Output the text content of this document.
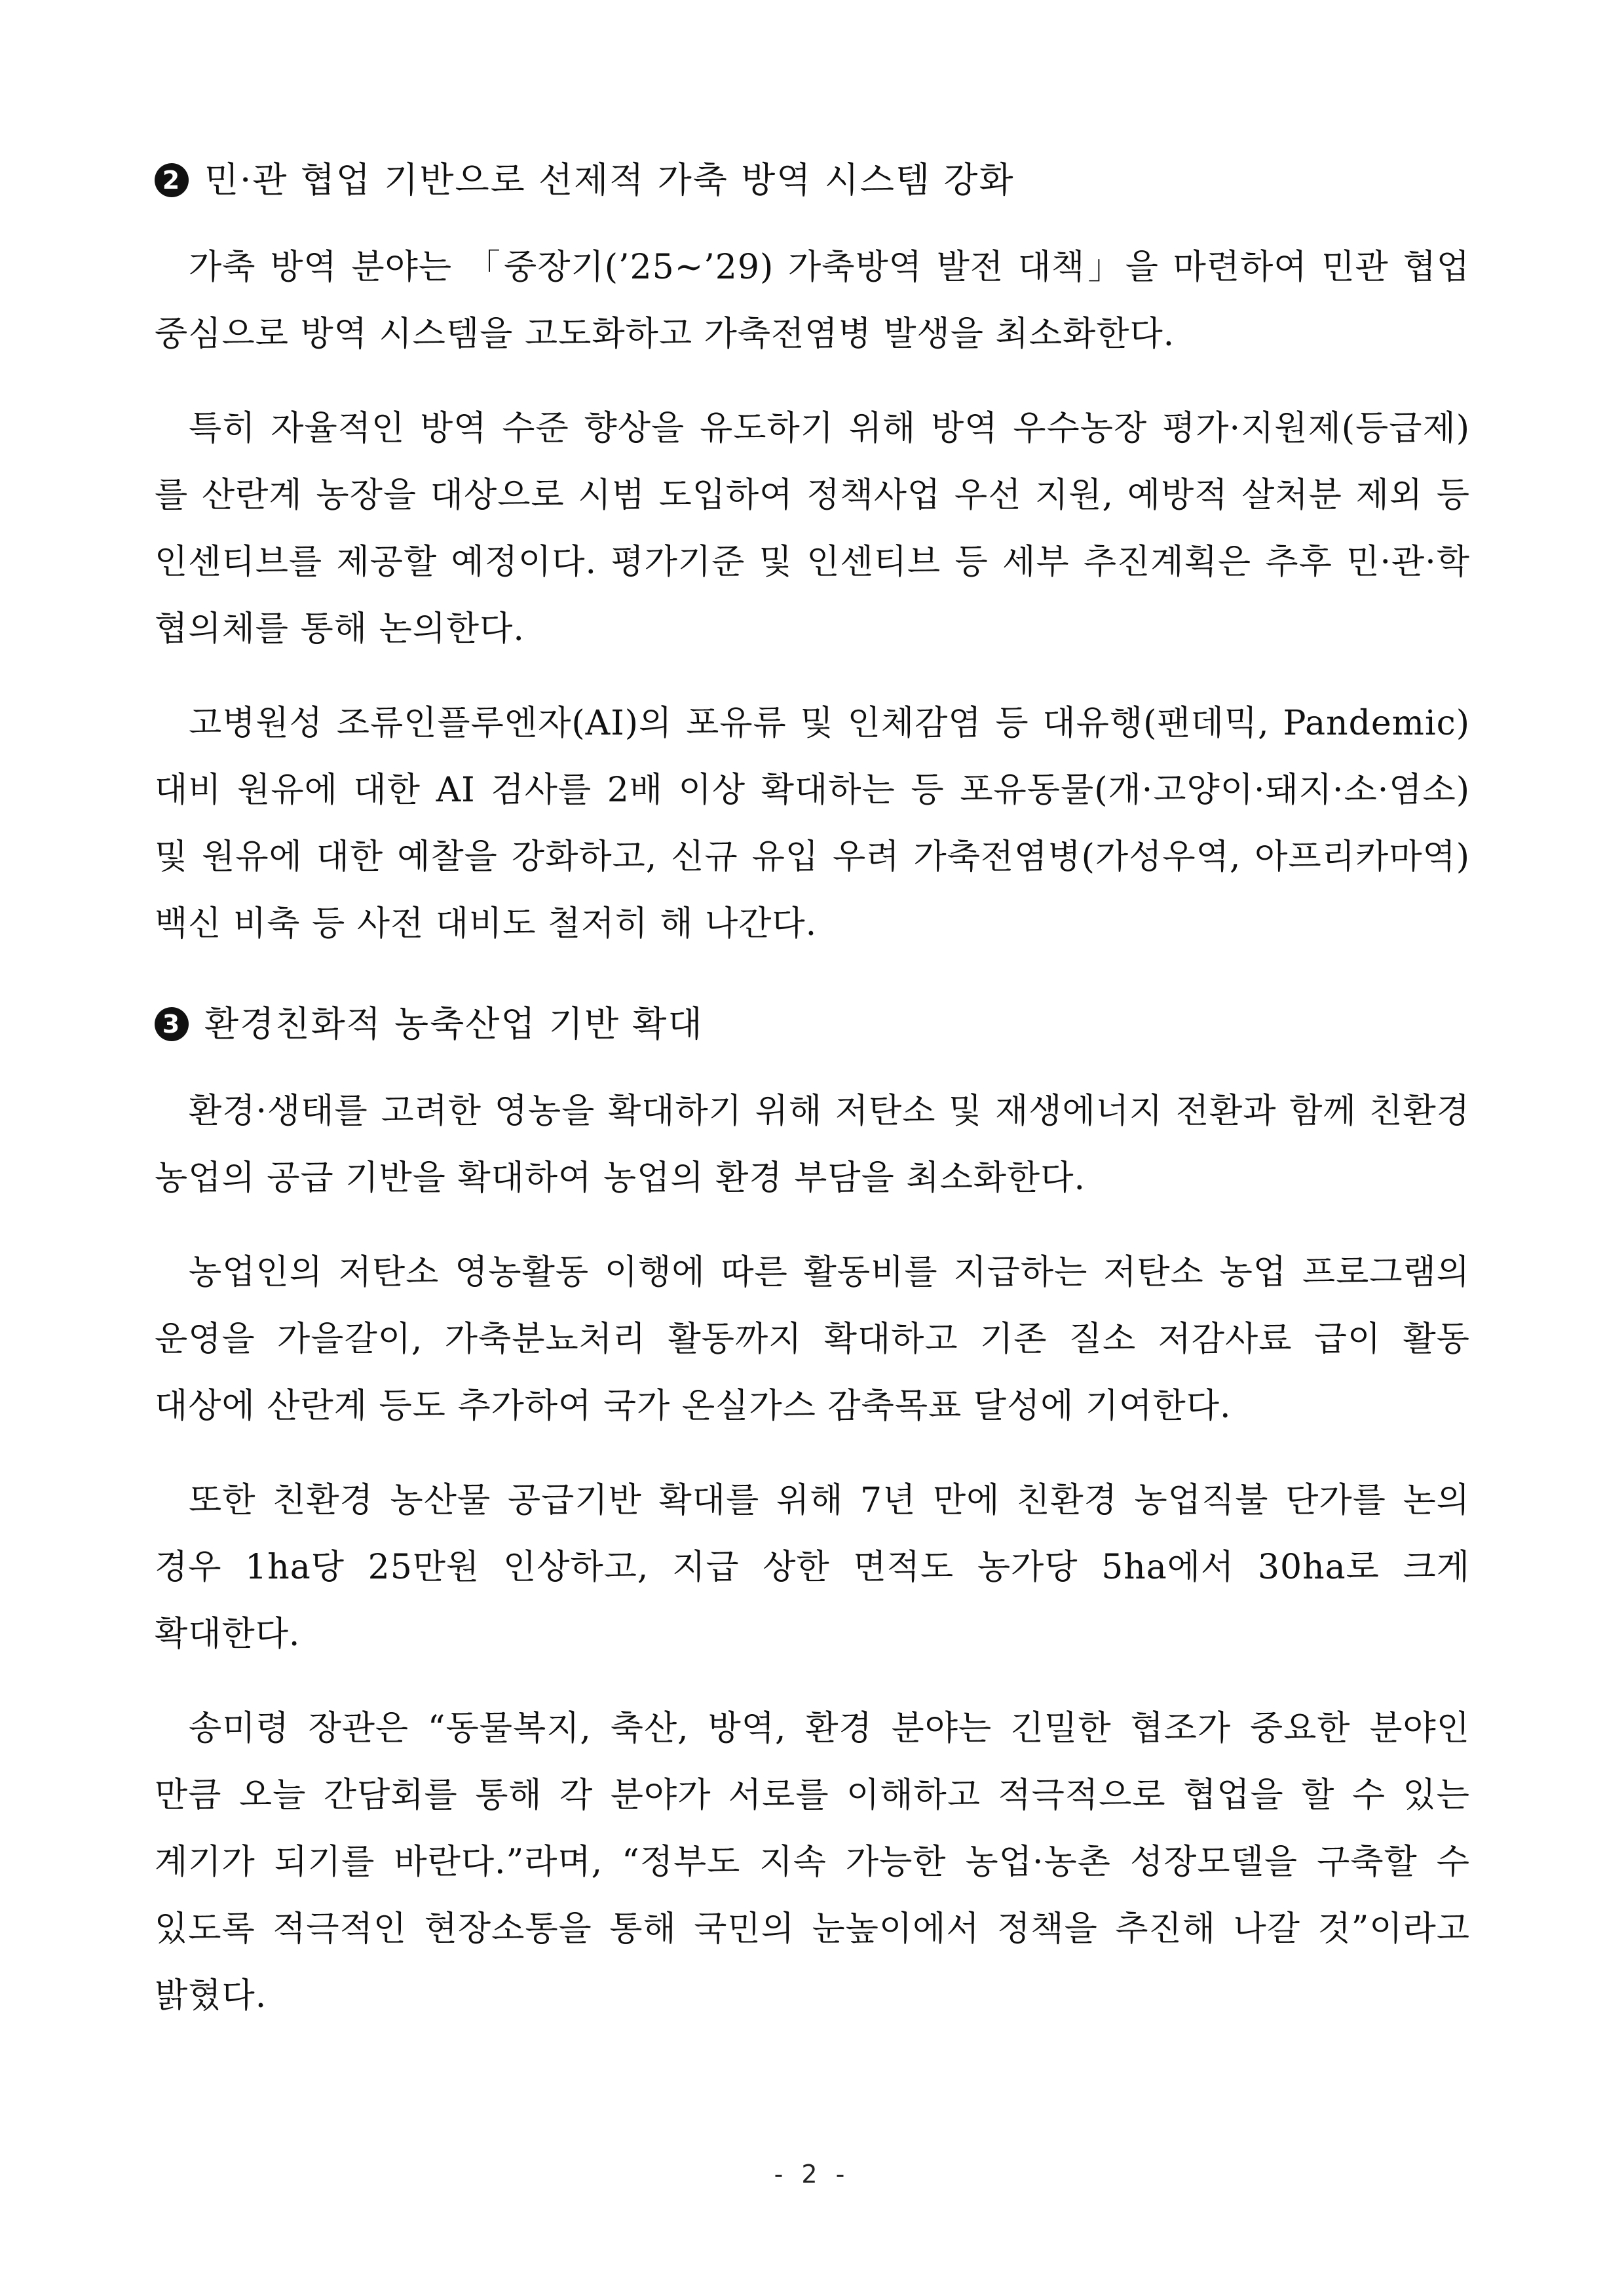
2 민·관 협업 기반으로 선제적 가축 방역 시스템 강화

가축 방역 분야는 「중장기(’25~’29) 가축방역 발전 대책」을 마련하여 민관 협업 중심으로 방역 시스템을 고도화하고 가축전염병 발생을 최소화한다.

특히 자율적인 방역 수준 향상을 유도하기 위해 방역 우수농장 평가·지원제(등급제)를 산란계 농장을 대상으로 시범 도입하여 정책사업 우선 지원, 예방적 살처분 제외 등 인센티브를 제공할 예정이다. 평가기준 및 인센티브 등 세부 추진계획은 추후 민·관·학 협의체를 통해 논의한다.

고병원성 조류인플루엔자(AI)의 포유류 및 인체감염 등 대유행(팬데믹, Pandemic) 대비 원유에 대한 AI 검사를 2배 이상 확대하는 등 포유동물(개·고양이·돼지·소·염소) 및 원유에 대한 예찰을 강화하고, 신규 유입 우려 가축전염병(가성우역, 아프리카마역) 백신 비축 등 사전 대비도 철저히 해 나간다.

3 환경친화적 농축산업 기반 확대

환경·생태를 고려한 영농을 확대하기 위해 저탄소 및 재생에너지 전환과 함께 친환경 농업의 공급 기반을 확대하여 농업의 환경 부담을 최소화한다.

농업인의 저탄소 영농활동 이행에 따른 활동비를 지급하는 저탄소 농업 프로그램의 운영을 가을갈이, 가축분뇨처리 활동까지 확대하고 기존 질소 저감사료 급이 활동 대상에 산란계 등도 추가하여 국가 온실가스 감축목표 달성에 기여한다.

또한 친환경 농산물 공급기반 확대를 위해 7년 만에 친환경 농업직불 단가를 논의 경우 1ha당 25만원 인상하고, 지급 상한 면적도 농가당 5ha에서 30ha로 크게 확대한다.

송미령 장관은 “동물복지, 축산, 방역, 환경 분야는 긴밀한 협조가 중요한 분야인 만큼 오늘 간담회를 통해 각 분야가 서로를 이해하고 적극적으로 협업을 할 수 있는 계기가 되기를 바란다.”라며, “정부도 지속 가능한 농업·농촌 성장모델을 구축할 수 있도록 적극적인 현장소통을 통해 국민의 눈높이에서 정책을 추진해 나갈 것”이라고 밝혔다.

- 2 -
